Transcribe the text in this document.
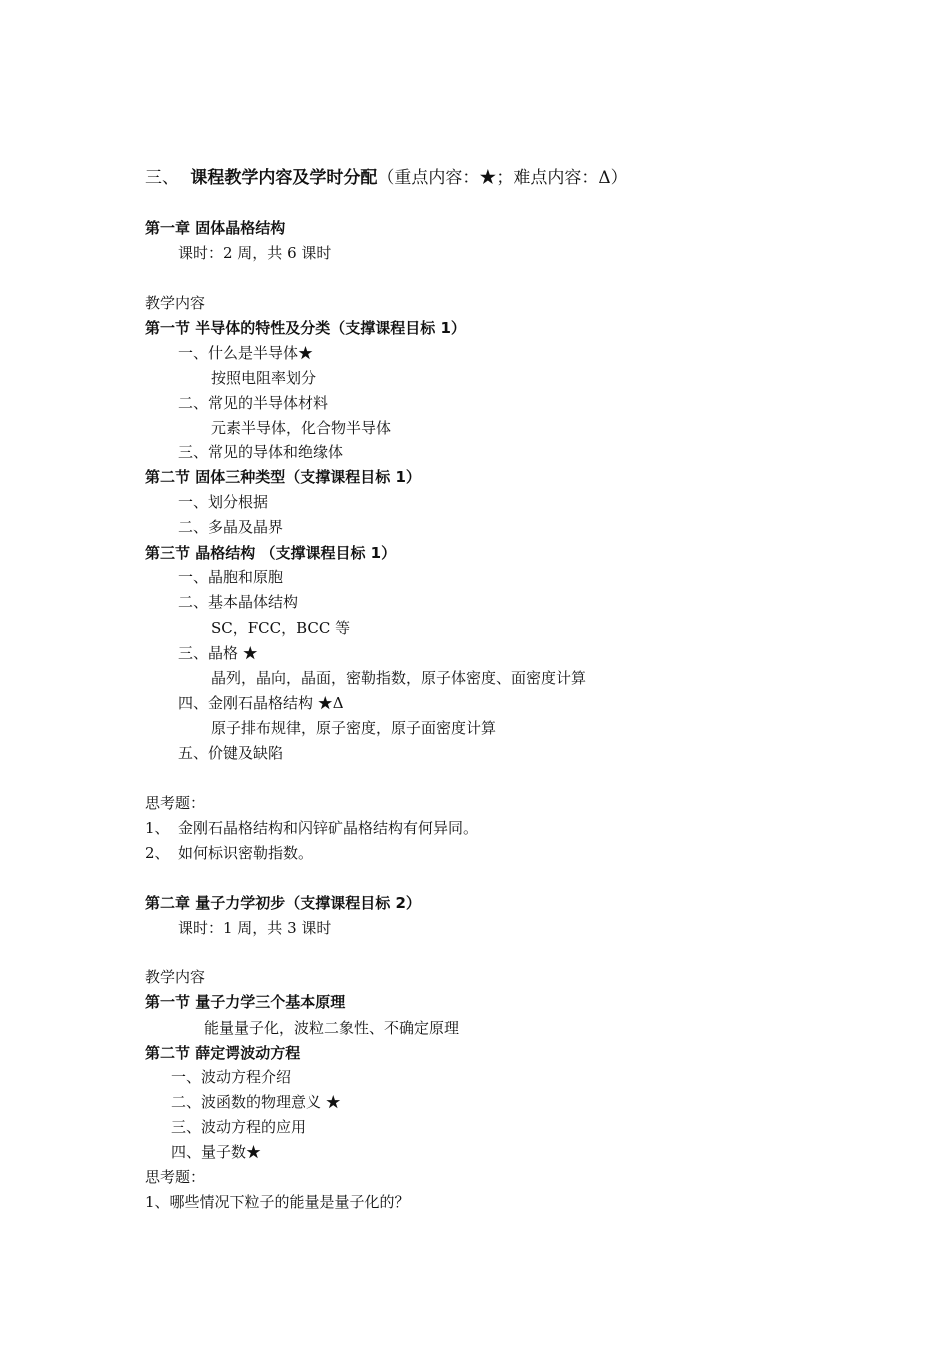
三、 课程教学内容及学时分配（重点内容：★；难点内容：Δ）
第一章 固体晶格结构
课时：2 周，共 6 课时
教学内容
第一节 半导体的特性及分类（支撑课程目标 1）
一、什么是半导体★
按照电阻率划分
二、常见的半导体材料
元素半导体，化合物半导体
三、常见的导体和绝缘体
第二节 固体三种类型（支撑课程目标 1）
一、划分根据
二、多晶及晶界
第三节 晶格结构 （支撑课程目标 1）
一、晶胞和原胞
二、基本晶体结构
SC，FCC，BCC 等
三、晶格 ★
晶列，晶向，晶面，密勒指数，原子体密度、面密度计算
四、金刚石晶格结构 ★Δ
原子排布规律，原子密度，原子面密度计算
五、价键及缺陷
思考题：
1、 金刚石晶格结构和闪锌矿晶格结构有何异同。
2、 如何标识密勒指数。
第二章 量子力学初步（支撑课程目标 2）
课时：1 周，共 3 课时
教学内容
第一节 量子力学三个基本原理
能量量子化，波粒二象性、不确定原理
第二节 薛定谔波动方程
一、波动方程介绍
二、波函数的物理意义 ★
三、波动方程的应用
四、量子数★
思考题：
1、哪些情况下粒子的能量是量子化的？
